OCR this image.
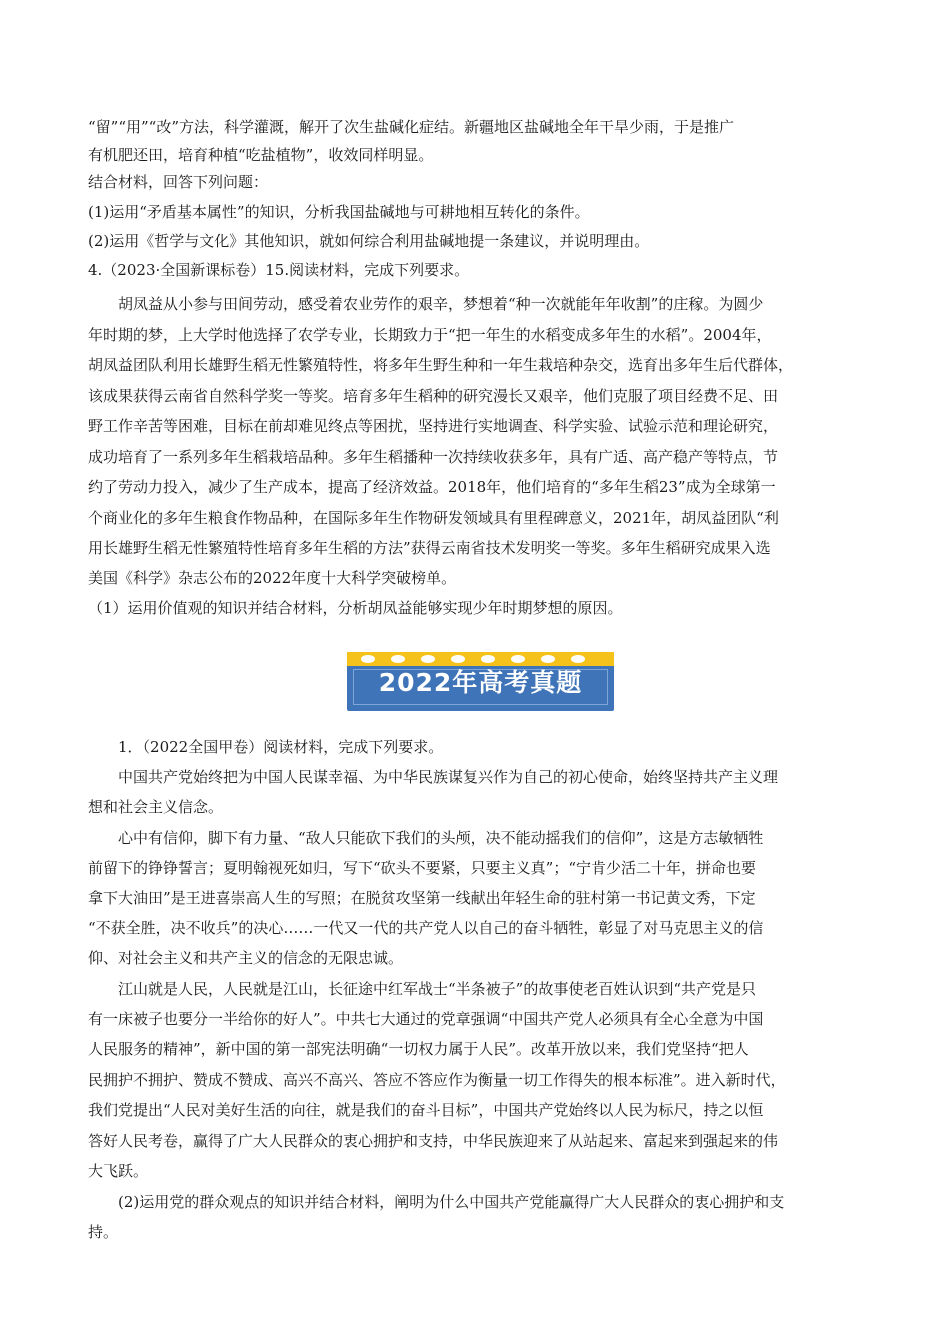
“留”“用”“改”方法，科学灌溉，解开了次生盐碱化症结。新疆地区盐碱地全年干旱少雨，于是推广
有机肥还田，培育种植“吃盐植物”，收效同样明显。
结合材料，回答下列问题：
(1)运用“矛盾基本属性”的知识，分析我国盐碱地与可耕地相互转化的条件。
(2)运用《哲学与文化》其他知识，就如何综合利用盐碱地提一条建议，并说明理由。
4.（2023·全国新课标卷）15.阅读材料，完成下列要求。
胡凤益从小参与田间劳动，感受着农业劳作的艰辛，梦想着“种一次就能年年收割”的庄稼。为圆少
年时期的梦，上大学时他选择了农学专业，长期致力于“把一年生的水稻变成多年生的水稻”。2004年，
胡凤益团队利用长雄野生稻无性繁殖特性，将多年生野生种和一年生栽培种杂交，选育出多年生后代群体，
该成果获得云南省自然科学奖一等奖。培育多年生稻种的研究漫长又艰辛，他们克服了项目经费不足、田
野工作辛苦等困难，目标在前却难见终点等困扰，坚持进行实地调查、科学实验、试验示范和理论研究，
成功培育了一系列多年生稻栽培品种。多年生稻播种一次持续收获多年，具有广适、高产稳产等特点，节
约了劳动力投入，减少了生产成本，提高了经济效益。2018年，他们培育的“多年生稻23”成为全球第一
个商业化的多年生粮食作物品种，在国际多年生作物研发领域具有里程碑意义，2021年，胡凤益团队“利
用长雄野生稻无性繁殖特性培育多年生稻的方法”获得云南省技术发明奖一等奖。多年生稻研究成果入选
美国《科学》杂志公布的2022年度十大科学突破榜单。
（1）运用价值观的知识并结合材料，分析胡凤益能够实现少年时期梦想的原因。
2022年高考真题
1．（2022全国甲卷）阅读材料，完成下列要求。
中国共产党始终把为中国人民谋幸福、为中华民族谋复兴作为自己的初心使命，始终坚持共产主义理
想和社会主义信念。
心中有信仰，脚下有力量、“敌人只能砍下我们的头颅，决不能动摇我们的信仰”，这是方志敏牺牲
前留下的铮铮誓言；夏明翰视死如归，写下“砍头不要紧，只要主义真”；“宁肯少活二十年，拼命也要
拿下大油田”是王进喜崇高人生的写照；在脱贫攻坚第一线献出年轻生命的驻村第一书记黄文秀，下定
“不获全胜，决不收兵”的决心……一代又一代的共产党人以自己的奋斗牺牲，彰显了对马克思主义的信
仰、对社会主义和共产主义的信念的无限忠诚。
江山就是人民，人民就是江山，长征途中红军战士“半条被子”的故事使老百姓认识到“共产党是只
有一床被子也要分一半给你的好人”。中共七大通过的党章强调“中国共产党人必须具有全心全意为中国
人民服务的精神”，新中国的第一部宪法明确“一切权力属于人民”。改革开放以来，我们党坚持“把人
民拥护不拥护、赞成不赞成、高兴不高兴、答应不答应作为衡量一切工作得失的根本标准”。进入新时代，
我们党提出“人民对美好生活的向往，就是我们的奋斗目标”，中国共产党始终以人民为标尺，持之以恒
答好人民考卷，赢得了广大人民群众的衷心拥护和支持，中华民族迎来了从站起来、富起来到强起来的伟
大飞跃。
(2)运用党的群众观点的知识并结合材料，阐明为什么中国共产党能赢得广大人民群众的衷心拥护和支
持。
